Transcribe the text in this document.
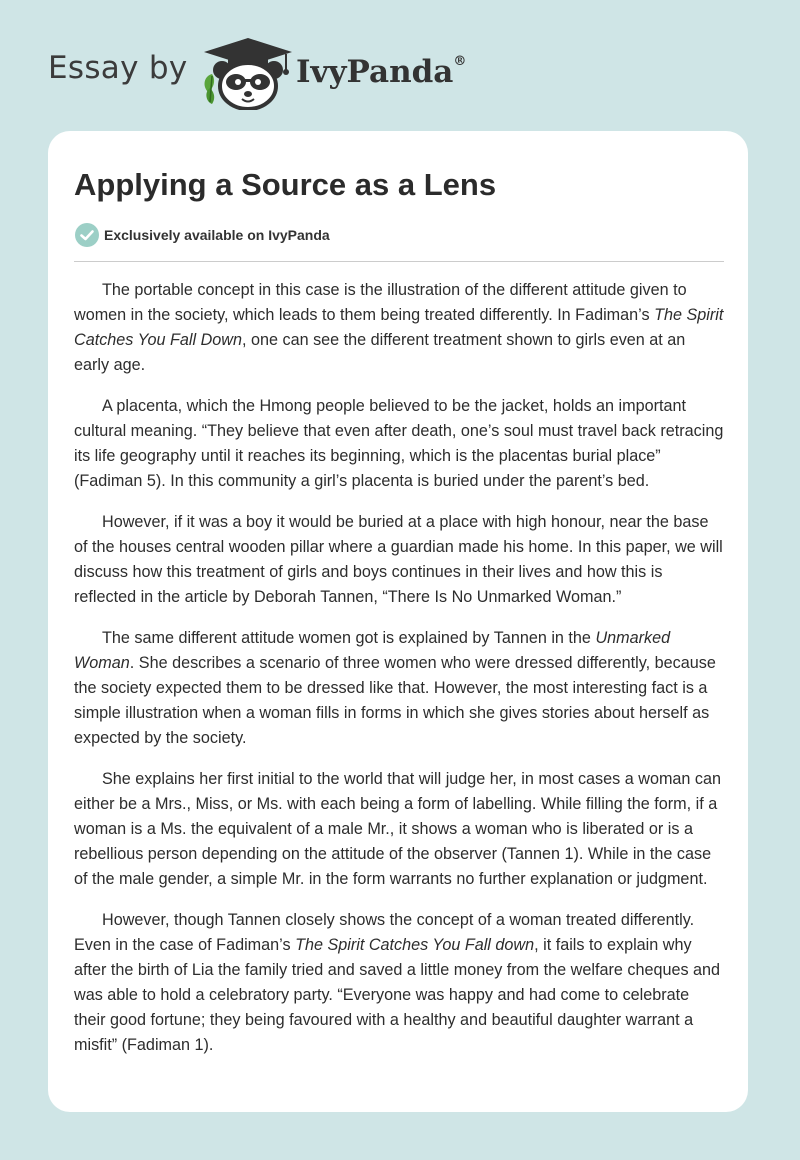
Essay by	IvyPanda®
Applying a Source as a Lens
Exclusively available on IvyPanda

The portable concept in this case is the illustration of the different attitude given to women in the society, which leads to them being treated differently. In Fadiman’s The Spirit Catches You Fall Down, one can see the different treatment shown to girls even at an early age.

A placenta, which the Hmong people believed to be the jacket, holds an important cultural meaning. “They believe that even after death, one’s soul must travel back retracing its life geography until it reaches its beginning, which is the placentas burial place” (Fadiman 5). In this community a girl’s placenta is buried under the parent’s bed.

However, if it was a boy it would be buried at a place with high honour, near the base of the houses central wooden pillar where a guardian made his home. In this paper, we will discuss how this treatment of girls and boys continues in their lives and how this is reflected in the article by Deborah Tannen, “There Is No Unmarked Woman.”

The same different attitude women got is explained by Tannen in the Unmarked Woman. She describes a scenario of three women who were dressed differently, because the society expected them to be dressed like that. However, the most interesting fact is a simple illustration when a woman fills in forms in which she gives stories about herself as expected by the society.

She explains her first initial to the world that will judge her, in most cases a woman can either be a Mrs., Miss, or Ms. with each being a form of labelling. While filling the form, if a woman is a Ms. the equivalent of a male Mr., it shows a woman who is liberated or is a rebellious person depending on the attitude of the observer (Tannen 1). While in the case of the male gender, a simple Mr. in the form warrants no further explanation or judgment.

However, though Tannen closely shows the concept of a woman treated differently. Even in the case of Fadiman’s The Spirit Catches You Fall down, it fails to explain why after the birth of Lia the family tried and saved a little money from the welfare cheques and was able to hold a celebratory party. “Everyone was happy and had come to celebrate their good fortune; they being favoured with a healthy and beautiful daughter warrant a misfit” (Fadiman 1).
